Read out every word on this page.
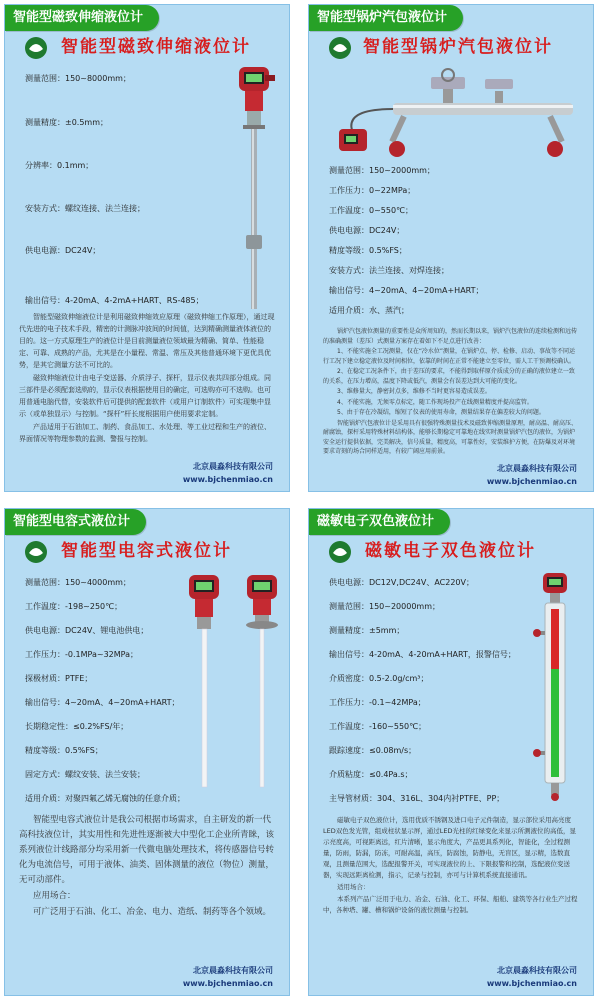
智能型磁致伸缩液位计
智能型磁致伸缩液位计
测量范围：150~8000mm；
测量精度：±0.5mm；
分辨率：0.1mm；
安装方式：螺纹连接、法兰连接；
供电电源：DC24V；
输出信号：4-20mA、4-2mA+HART、RS-485；

智能型磁致伸缩液位计是利用磁致伸缩效应原理（磁致伸缩工作原理），通过现代先进的电子技术手段，精密的计测脉冲波间的时间值，达到精确测量液体液位的目的。这一方式原理生产的液位计是目前测量液位领域最为精确、简单、性能稳定、可靠、成熟的产品，尤其是在小量程、常温、常压及其他普通环境下更优具优势，是其它测量方法不可比的。

磁致伸缩液位计由电子变送器、介质浮子、探杆，显示仪表共四部分组成。同三部件是必须配套选购的，显示仪表根据使用目的确定，可选购亦可不选购。也可用普通电脑代替，安装软件后可提供的配套软件（或用户订制软件）可实现集中显示（或单独显示）与控制。“探杆”杆长度根据用户使用要求定制。

产品适用于石油加工、制药、食品加工、水处理、等工业过程和生产的液位、界面情况等物理参数的监测、警报与控制。

北京晨淼科技有限公司
www.bjchenmiao.cn
智能型锅炉汽包液位计
智能型锅炉汽包液位计
测量范围：150~2000mm；
工作压力：0~22MPa；
工作温度：0~550℃；
供电电源：DC24V；
精度等级：0.5%FS；
安装方式：法兰连接、对焊连接；
输出信号：4~20mA、4~20mA+HART；
适用介质：水、蒸汽；

锅炉汽包液位测量的重要性是众所周知的，然而长期以来，锅炉汽包液位的连续检测和远传的准确测量（差压）式测量方案存在着如下不足点进行改善：

1、不能实施全工况测量，仅在“冷水位”测量，在锅炉点、停、检修、启动、事故等不同运行工况下建立稳定液位及时间相位，依靠的时间在正常不能建立至零位，需人工干预调校确认。

2、在稳定工况条件下，由于差压的要求，不能得到取样原介质成分的正确的液位建立一致的关系，在压力增高，温度下降或低汽，测量会有误差达到大可能的变化。

3、维修量大，静密封点多，维修不当时更容易造成误差。

4、不能实施，无须零点标定，随工作现场投产在线测量精度并提高监管。

5、由于存在冷凝结，缩短了仪表的使用寿命，测量结果存在偏差较大的问题。

智能锅炉汽包液位计是采用具有很强特殊测量技术及磁致伸缩测量原理，耐高温、耐高压、耐腐蚀，探杆采用特殊材料结构体，能够长期稳定可靠地在线实时测量锅炉汽包的液位，为锅炉安全运行提供依据，完美解决，信号质量，精度高，可靠性好，安装维护方便，在防爆及对环境要求苛刻的场合同样适用，有较广阔应用前景。

北京晨淼科技有限公司
www.bjchenmiao.cn
智能型电容式液位计
智能型电容式液位计
测量范围：150~4000mm；
工作温度：-198~250℃；
供电电源：DC24V、锂电池供电；
工作压力：-0.1MPa~32MPa；
探极材质：PTFE；
输出信号：4~20mA、4~20mA+HART；
长期稳定性：≤0.2%FS/年；
精度等级：0.5%FS；
固定方式：螺纹安装、法兰安装；
适用介质：对聚四氟乙烯无腐蚀的任意介质；

智能型电容式液位计是我公司根据市场需求，自主研发的新一代高科技液位计，其实用性和先进性逐渐被大中型化工企业所青睐，该系列液位计线路部分均采用新一代微电脑处理技术，将传感器信号转化为电流信号，可用于液体、油类、固体测量的液位（物位）测量，无可动部件。

应用场合：

可广泛用于石油、化工、冶金、电力、造纸、制药等各个领域。

北京晨淼科技有限公司
www.bjchenmiao.cn
磁敏电子双色液位计
磁敏电子双色液位计
供电电源：DC12V,DC24V、AC220V；
测量范围：150~20000mm；
测量精度：±5mm；
输出信号：4-20mA、4-20mA+HART，报警信号；
介质密度：0.5-2.0g/cm³；
工作压力：-0.1~42MPa；
工作温度：-160~550℃；
跟踪速度：≤0.08m/s；
介质粘度：≤0.4Pa.s；
主导管材质：304、316L、304内衬PTFE、PP；

磁敏电子双色液位计，选用优质不锈钢及进口电子元件制造，显示部位采用高亮度LED双色发光管，组成柱状显示屏，通过LED光柱的红绿变化来显示所测液位的高低，显示亮度高，可视距离远，红片清晰，显示角度大，产品更具系列化，智能化，全过程测量，防雨，防漏，防冻，可耐高温，高压，防腐蚀，防静电，无盲区，显示精，选数直观，且测量范围大，选配报警开关，可实现液位的上、下限报警和控制，选配液位变送器，实现远距离检测，指示，记录与控制，亦可与计算机系统直接通讯。

适用场合：

本系列产品广泛用于电力、冶金、石油、化工、环保、船舶、建筑等各行业生产过程中，各种塔、罐、槽和锅炉设备的液位测量与控制。

北京晨淼科技有限公司
www.bjchenmiao.cn
